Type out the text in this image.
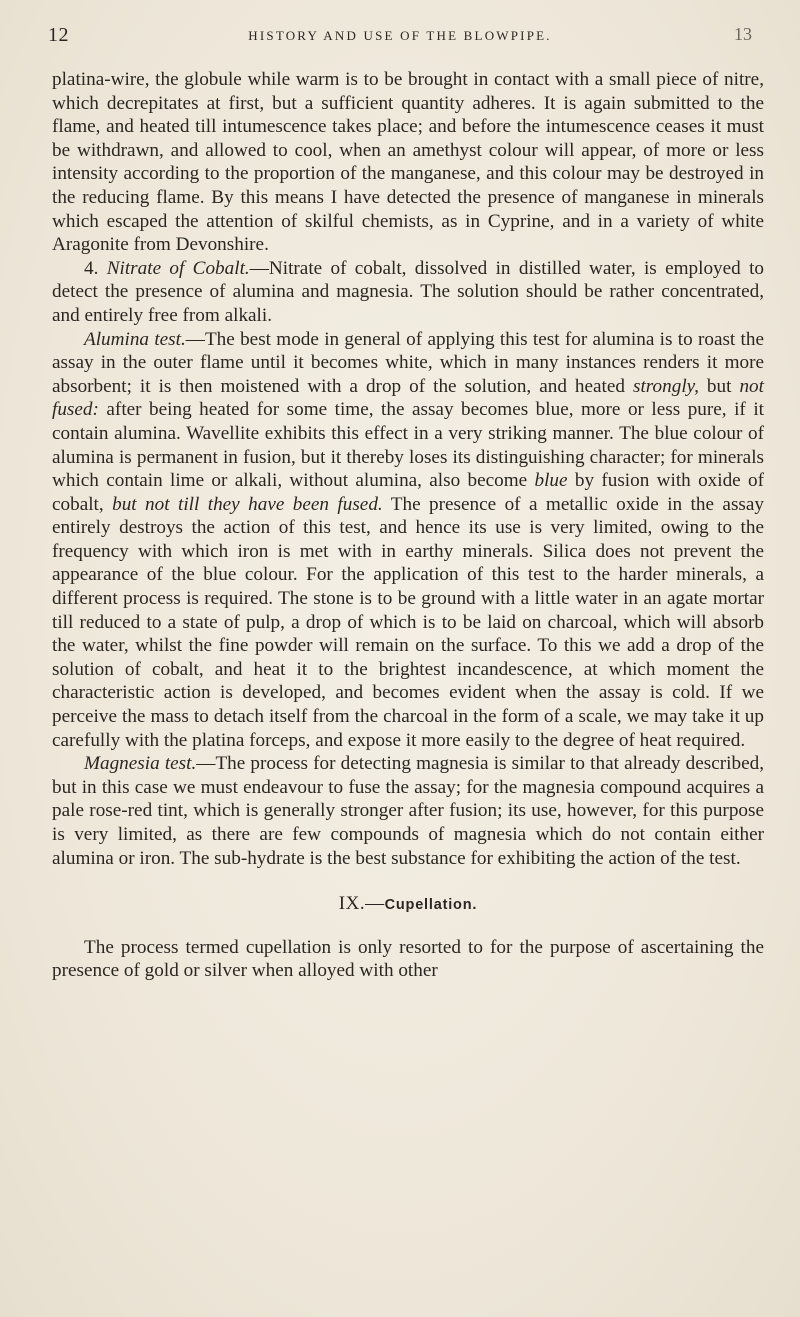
12	HISTORY AND USE OF THE BLOWPIPE.	13

platina-wire, the globule while warm is to be brought in contact with a small piece of nitre, which decrepitates at first, but a sufficient quantity adheres. It is again submitted to the flame, and heated till intumescence takes place; and before the intumescence ceases it must be withdrawn, and allowed to cool, when an amethyst colour will appear, of more or less intensity according to the proportion of the manganese, and this colour may be destroyed in the reducing flame. By this means I have detected the presence of manganese in minerals which escaped the attention of skilful chemists, as in Cyprine, and in a variety of white Aragonite from Devonshire.

4. Nitrate of Cobalt.—Nitrate of cobalt, dissolved in distilled water, is employed to detect the presence of alumina and magnesia. The solution should be rather concentrated, and entirely free from alkali.

Alumina test.—The best mode in general of applying this test for alumina is to roast the assay in the outer flame until it becomes white, which in many instances renders it more absorbent; it is then moistened with a drop of the solution, and heated strongly, but not fused: after being heated for some time, the assay becomes blue, more or less pure, if it contain alumina. Wavellite exhibits this effect in a very striking manner. The blue colour of alumina is permanent in fusion, but it thereby loses its distinguishing character; for minerals which contain lime or alkali, without alumina, also become blue by fusion with oxide of cobalt, but not till they have been fused. The presence of a metallic oxide in the assay entirely destroys the action of this test, and hence its use is very limited, owing to the frequency with which iron is met with in earthy minerals. Silica does not prevent the appearance of the blue colour. For the application of this test to the harder minerals, a different process is required. The stone is to be ground with a little water in an agate mortar till reduced to a state of pulp, a drop of which is to be laid on charcoal, which will absorb the water, whilst the fine powder will remain on the surface. To this we add a drop of the solution of cobalt, and heat it to the brightest incandescence, at which moment the characteristic action is developed, and becomes evident when the assay is cold. If we perceive the mass to detach itself from the charcoal in the form of a scale, we may take it up carefully with the platina forceps, and expose it more easily to the degree of heat required.

Magnesia test.—The process for detecting magnesia is similar to that already described, but in this case we must endeavour to fuse the assay; for the magnesia compound acquires a pale rose-red tint, which is generally stronger after fusion; its use, however, for this purpose is very limited, as there are few compounds of magnesia which do not contain either alumina or iron. The sub-hydrate is the best substance for exhibiting the action of the test.

IX.—Cupellation.

The process termed cupellation is only resorted to for the purpose of ascertaining the presence of gold or silver when alloyed with other
